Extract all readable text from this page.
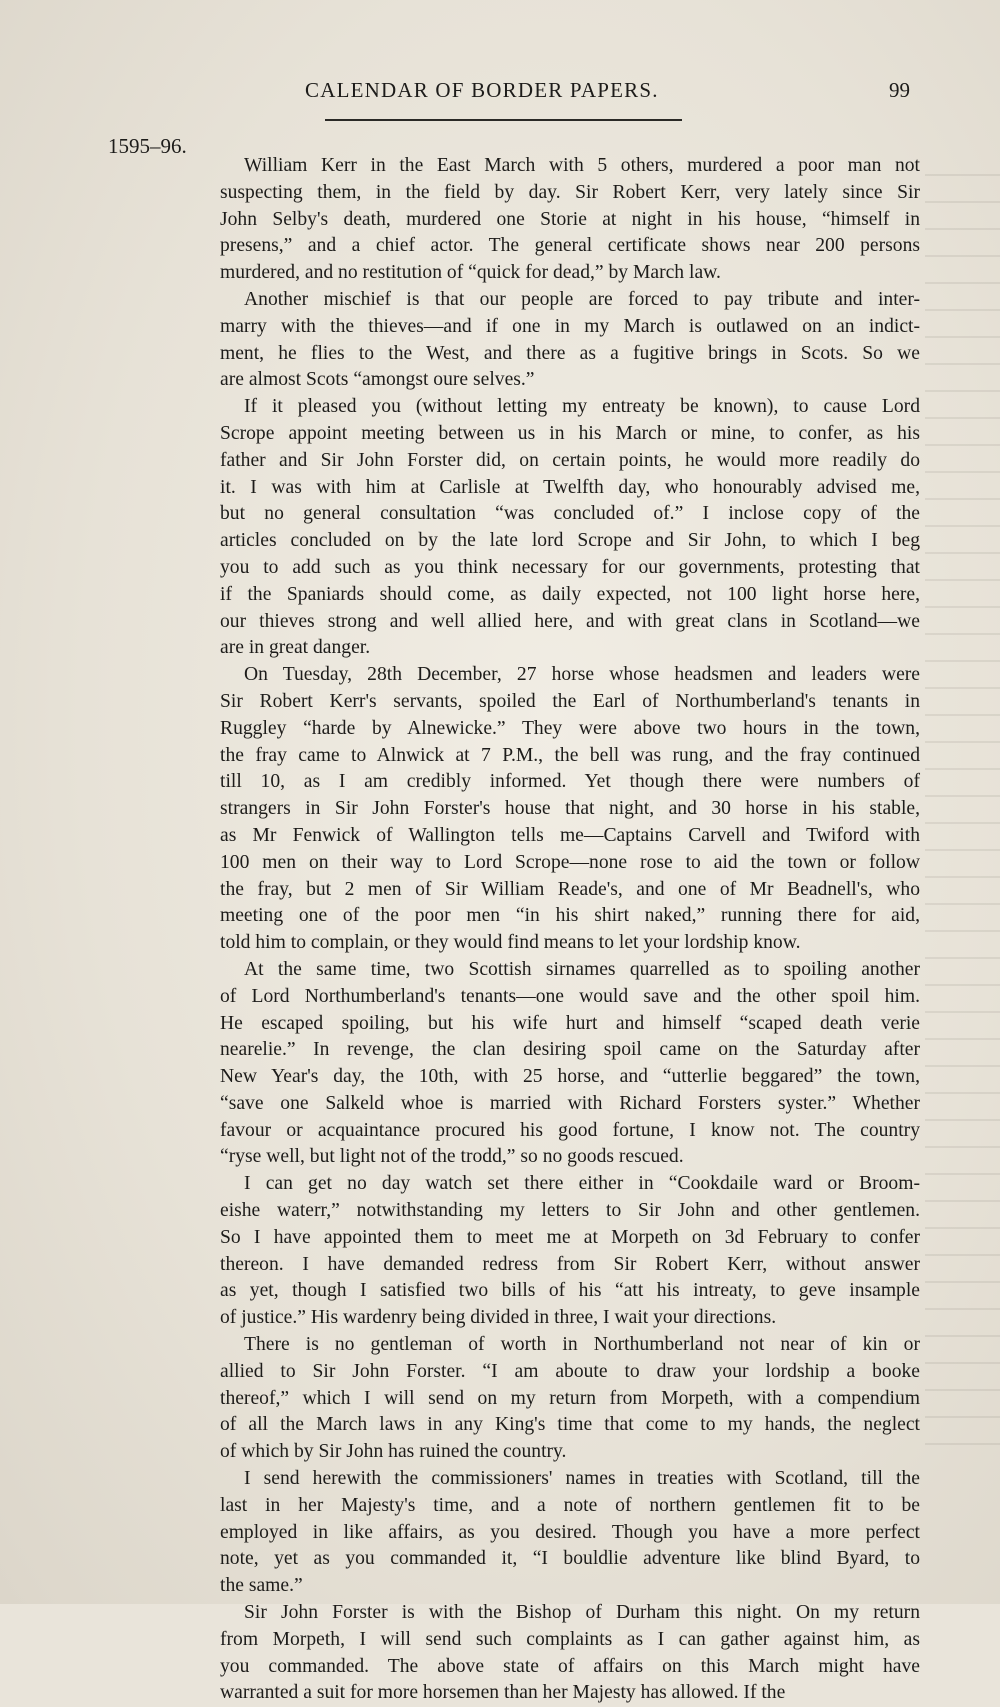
CALENDAR OF BORDER PAPERS.	99
1595–96.
William Kerr in the East March with 5 others, murdered a poor man not
suspecting them, in the field by day. Sir Robert Kerr, very lately since Sir
John Selby's death, murdered one Storie at night in his house, “himself in
presens,” and a chief actor. The general certificate shows near 200 persons
murdered, and no restitution of “quick for dead,” by March law.
Another mischief is that our people are forced to pay tribute and inter-
marry with the thieves—and if one in my March is outlawed on an indict-
ment, he flies to the West, and there as a fugitive brings in Scots. So we
are almost Scots “amongst oure selves.”
If it pleased you (without letting my entreaty be known), to cause Lord
Scrope appoint meeting between us in his March or mine, to confer, as his
father and Sir John Forster did, on certain points, he would more readily do
it. I was with him at Carlisle at Twelfth day, who honourably advised me,
but no general consultation “was concluded of.” I inclose copy of the
articles concluded on by the late lord Scrope and Sir John, to which I beg
you to add such as you think necessary for our governments, protesting that
if the Spaniards should come, as daily expected, not 100 light horse here,
our thieves strong and well allied here, and with great clans in Scotland—we
are in great danger.
On Tuesday, 28th December, 27 horse whose headsmen and leaders were
Sir Robert Kerr's servants, spoiled the Earl of Northumberland's tenants in
Ruggley “harde by Alnewicke.” They were above two hours in the town,
the fray came to Alnwick at 7 P.M., the bell was rung, and the fray continued
till 10, as I am credibly informed. Yet though there were numbers of
strangers in Sir John Forster's house that night, and 30 horse in his stable,
as Mr Fenwick of Wallington tells me—Captains Carvell and Twiford with
100 men on their way to Lord Scrope—none rose to aid the town or follow
the fray, but 2 men of Sir William Reade's, and one of Mr Beadnell's, who
meeting one of the poor men “in his shirt naked,” running there for aid,
told him to complain, or they would find means to let your lordship know.
At the same time, two Scottish sirnames quarrelled as to spoiling another
of Lord Northumberland's tenants—one would save and the other spoil him.
He escaped spoiling, but his wife hurt and himself “scaped death verie
nearelie.” In revenge, the clan desiring spoil came on the Saturday after
New Year's day, the 10th, with 25 horse, and “utterlie beggared” the town,
“save one Salkeld whoe is married with Richard Forsters syster.” Whether
favour or acquaintance procured his good fortune, I know not. The country
“ryse well, but light not of the trodd,” so no goods rescued.
I can get no day watch set there either in “Cookdaile ward or Broom-
eishe waterr,” notwithstanding my letters to Sir John and other gentlemen.
So I have appointed them to meet me at Morpeth on 3d February to confer
thereon. I have demanded redress from Sir Robert Kerr, without answer
as yet, though I satisfied two bills of his “att his intreaty, to geve insample
of justice.” His wardenry being divided in three, I wait your directions.
There is no gentleman of worth in Northumberland not near of kin or
allied to Sir John Forster. “I am aboute to draw your lordship a booke
thereof,” which I will send on my return from Morpeth, with a compendium
of all the March laws in any King's time that come to my hands, the neglect
of which by Sir John has ruined the country.
I send herewith the commissioners' names in treaties with Scotland, till the
last in her Majesty's time, and a note of northern gentlemen fit to be
employed in like affairs, as you desired. Though you have a more perfect
note, yet as you commanded it, “I bouldlie adventure like blind Byard, to
the same.”
Sir John Forster is with the Bishop of Durham this night. On my return
from Morpeth, I will send such complaints as I can gather against him, as
you commanded. The above state of affairs on this March might have
warranted a suit for more horsemen than her Majesty has allowed. If the
